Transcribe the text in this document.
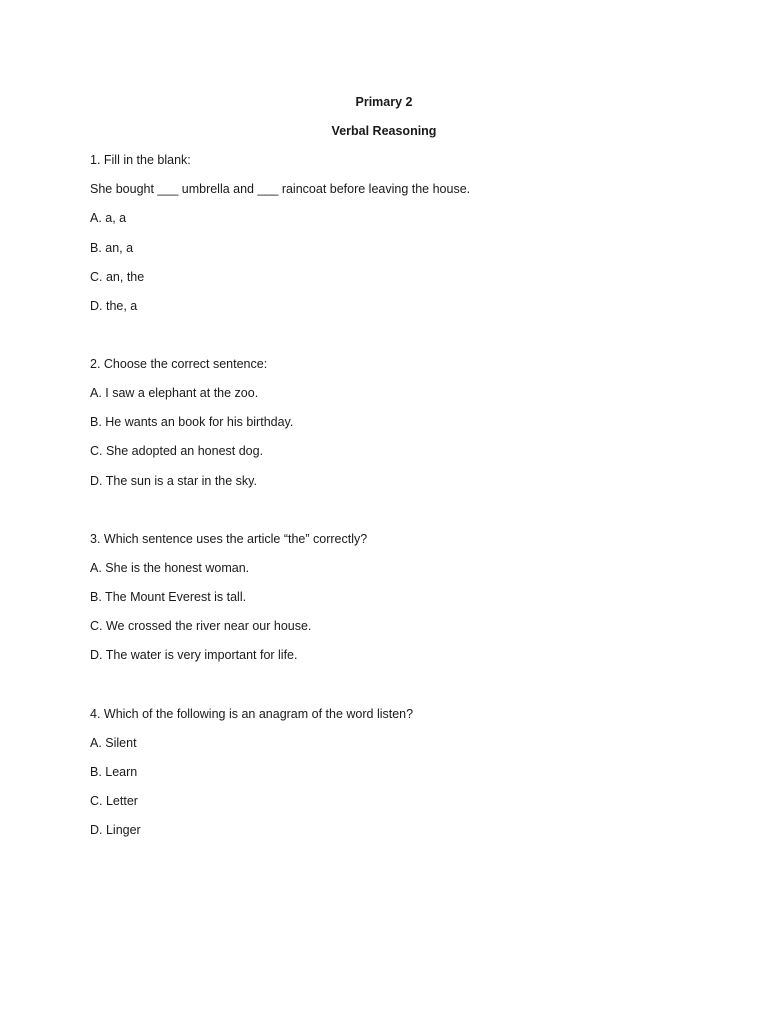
Primary 2
Verbal Reasoning
1. Fill in the blank:
She bought ___ umbrella and ___ raincoat before leaving the house.
A. a, a
B. an, a
C. an, the
D. the, a
2. Choose the correct sentence:
A. I saw a elephant at the zoo.
B. He wants an book for his birthday.
C. She adopted an honest dog.
D. The sun is a star in the sky.
3. Which sentence uses the article “the” correctly?
A. She is the honest woman.
B. The Mount Everest is tall.
C. We crossed the river near our house.
D. The water is very important for life.
4. Which of the following is an anagram of the word listen?
A. Silent
B. Learn
C. Letter
D. Linger
